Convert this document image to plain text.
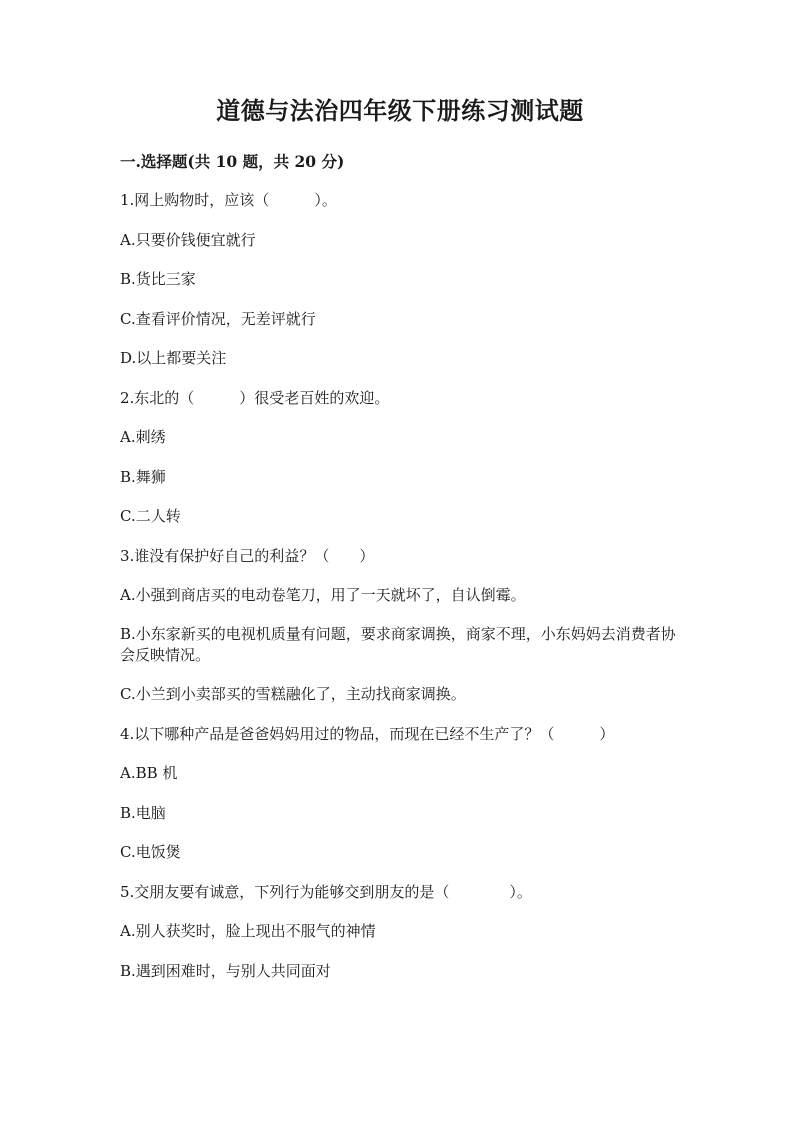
道德与法治四年级下册练习测试题
一.选择题(共 10 题，共 20 分)

1.网上购物时，应该（　　　）。

A.只要价钱便宜就行

B.货比三家

C.查看评价情况，无差评就行

D.以上都要关注

2.东北的（　　　）很受老百姓的欢迎。

A.刺绣

B.舞狮

C.二人转

3.谁没有保护好自己的利益？（　　）

A.小强到商店买的电动卷笔刀，用了一天就坏了，自认倒霉。

B.小东家新买的电视机质量有问题，要求商家调换，商家不理，小东妈妈去消费者协会反映情况。

C.小兰到小卖部买的雪糕融化了，主动找商家调换。

4.以下哪种产品是爸爸妈妈用过的物品，而现在已经不生产了？（　　　）

A.BB 机

B.电脑

C.电饭煲

5.交朋友要有诚意，下列行为能够交到朋友的是（　　　　）。

A.别人获奖时，脸上现出不服气的神情

B.遇到困难时，与别人共同面对
